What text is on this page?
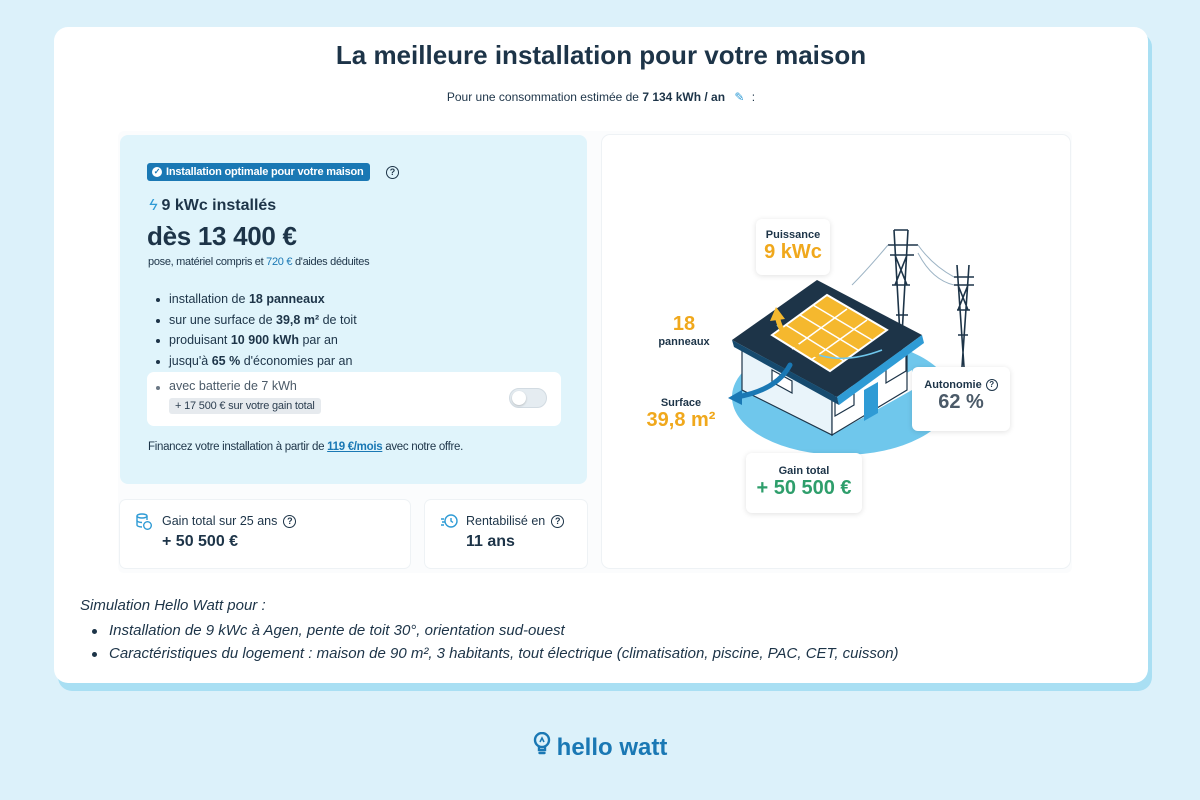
La meilleure installation pour votre maison
Pour une consommation estimée de 7 134 kWh / an ✎ :
✓ Installation optimale pour votre maison	?
ϟ 9 kWc installés
dès 13 400 €
pose, matériel compris et 720 € d'aides déduites
installation de 18 panneaux
sur une surface de 39,8 m² de toit
produisant 10 900 kWh par an
jusqu'à 65 % d'économies par an
avec batterie de 7 kWh
+ 17 500 € sur votre gain total
Financez votre installation à partir de 119 €/mois avec notre offre.
Gain total sur 25 ans	?
+ 50 500 €
Rentabilisé en	?
11 ans
Puissance
9 kWc
18
panneaux
Surface
39,8 m²
Autonomie ?
62 %
Gain total
+ 50 500 €
Simulation Hello Watt pour :
Installation de 9 kWc à Agen, pente de toit 30°, orientation sud-ouest
Caractéristiques du logement : maison de 90 m², 3 habitants, tout électrique (climatisation, piscine, PAC, CET, cuisson)
hello watt
